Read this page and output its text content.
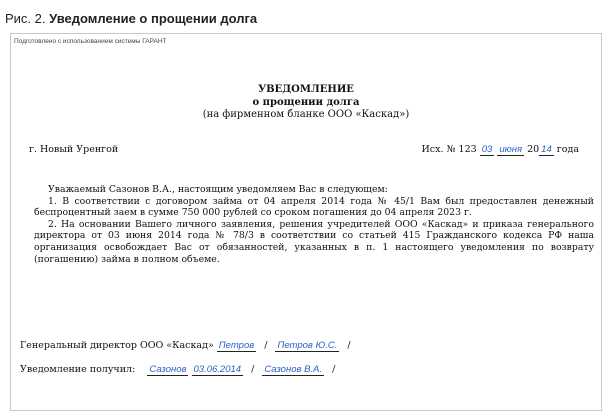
Рис. 2. Уведомление о прощении долга
Подготовлено с использованием системы ГАРАНТ
УВЕДОМЛЕНИЕ
о прощении долга
(на фирменном бланке ООО «Каскад»)
г. Новый Уренгой	Исх. № 123 03 июня 20 14 года

Уважаемый Сазонов В.А., настоящим уведомляем Вас в следующем:

1. В соответствии с договором займа от 04 апреля 2014 года № 45/1 Вам был предоставлен денежный беспроцентный заем в сумме 750 000 рублей со сроком погашения до 04 апреля 2023 г.

2. На основании Вашего личного заявления, решения учредителей ООО «Каскад» и приказа генерального директора от 03 июня 2014 года № 78/3 в соответствии со статьей 415 Гражданского кодекса РФ наша организация освобождает Вас от обязанностей, указанных в п. 1 настоящего уведомления по возврату (погашению) займа в полном объеме.

Генеральный директор ООО «Каскад» Петров / Петров Ю.С. /
Уведомление получил: Сазонов 03.06.2014 / Сазонов В.А. /
